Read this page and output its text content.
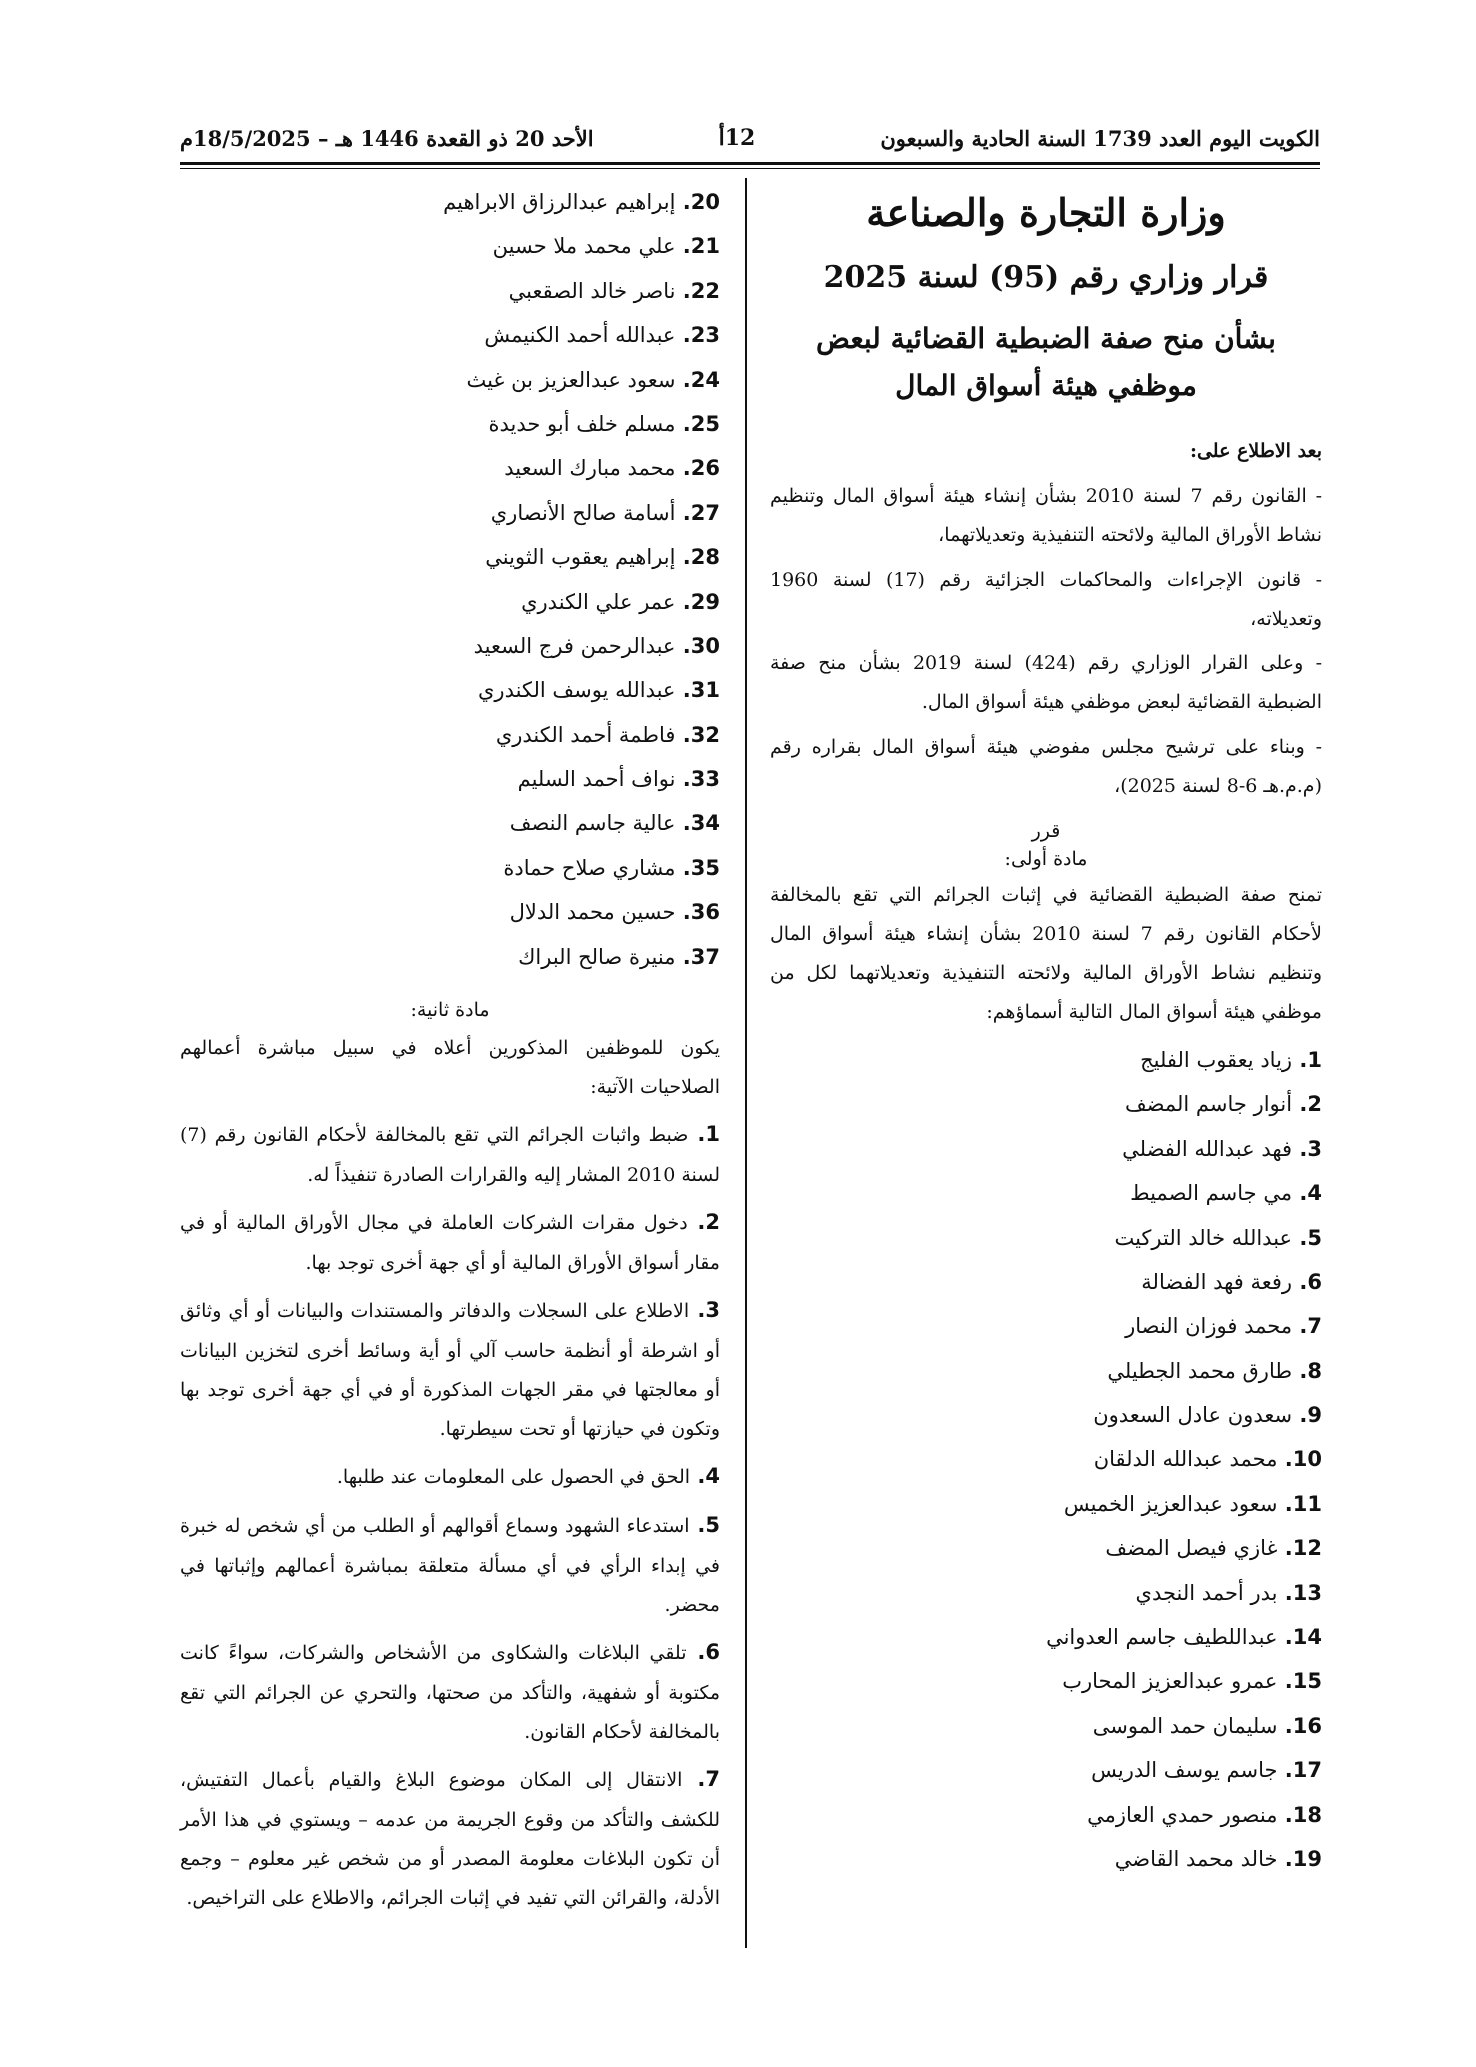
الكويت اليوم العدد 1739 السنة الحادية والسبعون
12أ
الأحد 20 ذو القعدة 1446 هـ – 18/5/2025م
وزارة التجارة والصناعة
قرار وزاري رقم (95) لسنة 2025
بشأن منح صفة الضبطية القضائية لبعض موظفي هيئة أسواق المال
بعد الاطلاع على:
- القانون رقم 7 لسنة 2010 بشأن إنشاء هيئة أسواق المال وتنظيم نشاط الأوراق المالية ولائحته التنفيذية وتعديلاتهما،
- قانون الإجراءات والمحاكمات الجزائية رقم (17) لسنة 1960 وتعديلاته،
- وعلى القرار الوزاري رقم (424) لسنة 2019 بشأن منح صفة الضبطية القضائية لبعض موظفي هيئة أسواق المال.
- وبناء على ترشيح مجلس مفوضي هيئة أسواق المال بقراره رقم (م.م.هـ 6-8 لسنة 2025)،
قرر
مادة أولى:
تمنح صفة الضبطية القضائية في إثبات الجرائم التي تقع بالمخالفة لأحكام القانون رقم 7 لسنة 2010 بشأن إنشاء هيئة أسواق المال وتنظيم نشاط الأوراق المالية ولائحته التنفيذية وتعديلاتهما لكل من موظفي هيئة أسواق المال التالية أسماؤهم:
1. زياد يعقوب الفليج
2. أنوار جاسم المضف
3. فهد عبدالله الفضلي
4. مي جاسم الصميط
5. عبدالله خالد التركيت
6. رفعة فهد الفضالة
7. محمد فوزان النصار
8. طارق محمد الجطيلي
9. سعدون عادل السعدون
10. محمد عبدالله الدلقان
11. سعود عبدالعزيز الخميس
12. غازي فيصل المضف
13. بدر أحمد النجدي
14. عبداللطيف جاسم العدواني
15. عمرو عبدالعزيز المحارب
16. سليمان حمد الموسى
17. جاسم يوسف الدريس
18. منصور حمدي العازمي
19. خالد محمد القاضي
20. إبراهيم عبدالرزاق الابراهيم
21. علي محمد ملا حسين
22. ناصر خالد الصقعبي
23. عبدالله أحمد الكنيمش
24. سعود عبدالعزيز بن غيث
25. مسلم خلف أبو حديدة
26. محمد مبارك السعيد
27. أسامة صالح الأنصاري
28. إبراهيم يعقوب الثويني
29. عمر علي الكندري
30. عبدالرحمن فرج السعيد
31. عبدالله يوسف الكندري
32. فاطمة أحمد الكندري
33. نواف أحمد السليم
34. عالية جاسم النصف
35. مشاري صلاح حمادة
36. حسين محمد الدلال
37. منيرة صالح البراك
مادة ثانية:
يكون للموظفين المذكورين أعلاه في سبيل مباشرة أعمالهم الصلاحيات الآتية:
1. ضبط واثبات الجرائم التي تقع بالمخالفة لأحكام القانون رقم (7) لسنة 2010 المشار إليه والقرارات الصادرة تنفيذاً له.
2. دخول مقرات الشركات العاملة في مجال الأوراق المالية أو في مقار أسواق الأوراق المالية أو أي جهة أخرى توجد بها.
3. الاطلاع على السجلات والدفاتر والمستندات والبيانات أو أي وثائق أو اشرطة أو أنظمة حاسب آلي أو أية وسائط أخرى لتخزين البيانات أو معالجتها في مقر الجهات المذكورة أو في أي جهة أخرى توجد بها وتكون في حيازتها أو تحت سيطرتها.
4. الحق في الحصول على المعلومات عند طلبها.
5. استدعاء الشهود وسماع أقوالهم أو الطلب من أي شخص له خبرة في إبداء الرأي في أي مسألة متعلقة بمباشرة أعمالهم وإثباتها في محضر.
6. تلقي البلاغات والشكاوى من الأشخاص والشركات، سواءً كانت مكتوبة أو شفهية، والتأكد من صحتها، والتحري عن الجرائم التي تقع بالمخالفة لأحكام القانون.
7. الانتقال إلى المكان موضوع البلاغ والقيام بأعمال التفتيش، للكشف والتأكد من وقوع الجريمة من عدمه – ويستوي في هذا الأمر أن تكون البلاغات معلومة المصدر أو من شخص غير معلوم – وجمع الأدلة، والقرائن التي تفيد في إثبات الجرائم، والاطلاع على التراخيص.
